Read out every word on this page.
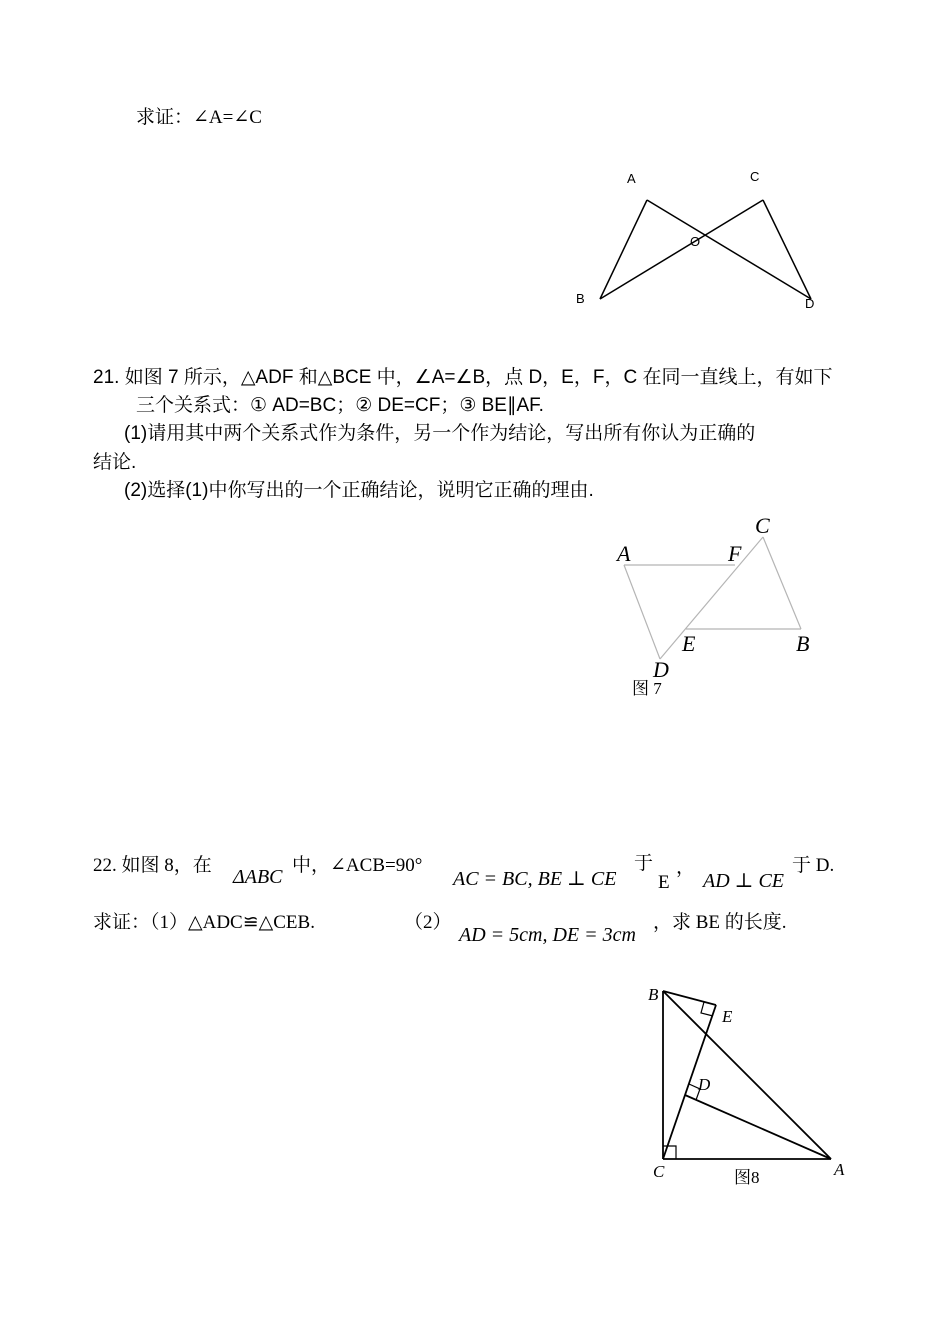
求证：∠A=∠C
A	C
O
B	D
21. 如图 7 所示，△ADF 和△BCE 中，∠A=∠B，点 D，E，F，C 在同一直线上，有如下
三个关系式：① AD=BC；② DE=CF；③ BE∥AF.
(1)请用其中两个关系式作为条件，另一个作为结论，写出所有你认为正确的
结论.
(2)选择(1)中你写出的一个正确结论，说明它正确的理由.
A	F
C
E	B
D
图 7
22. 如图 8，在
ΔABC
中，∠ACB=90°
AC = BC, BE ⊥ CE
于
E
，
AD ⊥ CE
于 D.
求证：（1）△ADC≌△CEB.	（2）
AD = 5cm, DE = 3cm
，求 BE 的长度.
B
E
D
C	A
图8
